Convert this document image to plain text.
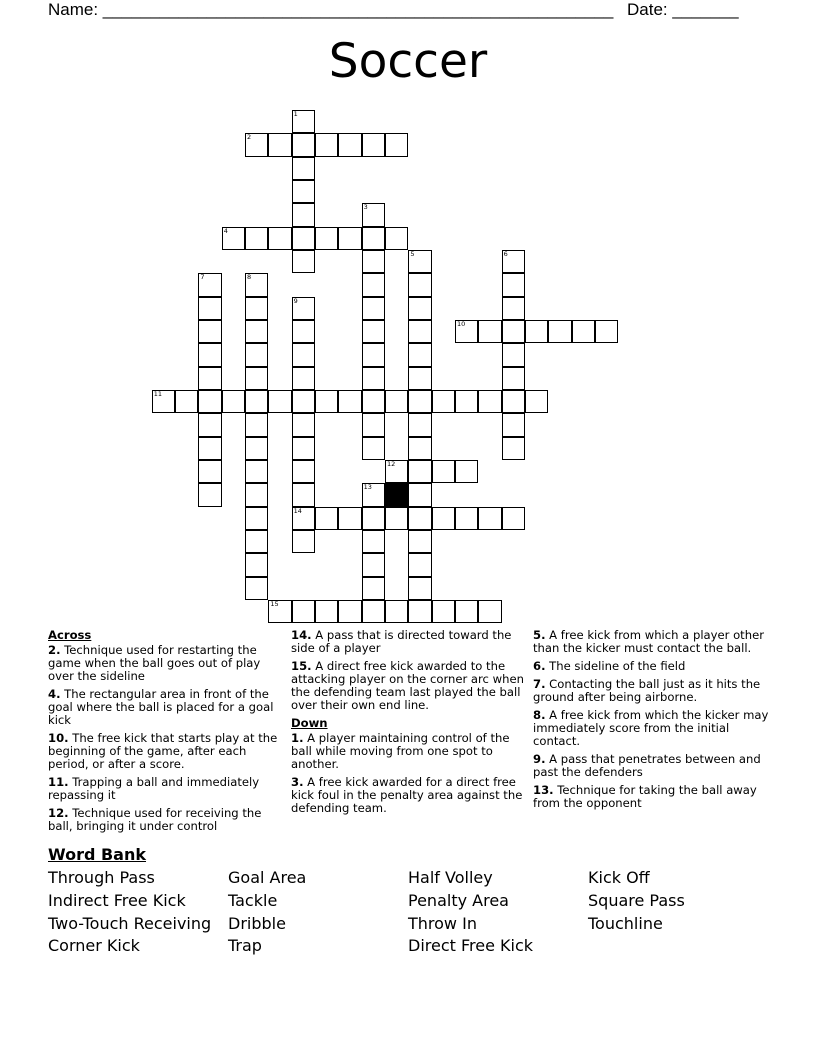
Name: ______________________________________________________ Date: _______
Soccer
1
2
3
4
5	6
7	8
9
14
10
11
12
13
15
Across
2. Technique used for restarting the game when the ball goes out of play over the sideline
4. The rectangular area in front of the goal where the ball is placed for a goal kick
10. The free kick that starts play at the beginning of the game, after each period, or after a score.
11. Trapping a ball and immediately repassing it
12. Technique used for receiving the ball, bringing it under control
14. A pass that is directed toward the side of a player
15. A direct free kick awarded to the attacking player on the corner arc when the defending team last played the ball over their own end line.
Down
1. A player maintaining control of the ball while moving from one spot to another.
3. A free kick awarded for a direct free kick foul in the penalty area against the defending team.
5. A free kick from which a player other than the kicker must contact the ball.
6. The sideline of the field
7. Contacting the ball just as it hits the ground after being airborne.
8. A free kick from which the kicker may immediately score from the initial contact.
9. A pass that penetrates between and past the defenders
13. Technique for taking the ball away from the opponent
Word Bank
Through Pass
Indirect Free Kick
Two-Touch Receiving
Corner Kick
Goal Area
Tackle
Dribble
Trap
Half Volley
Penalty Area
Throw In
Direct Free Kick
Kick Off
Square Pass
Touchline
